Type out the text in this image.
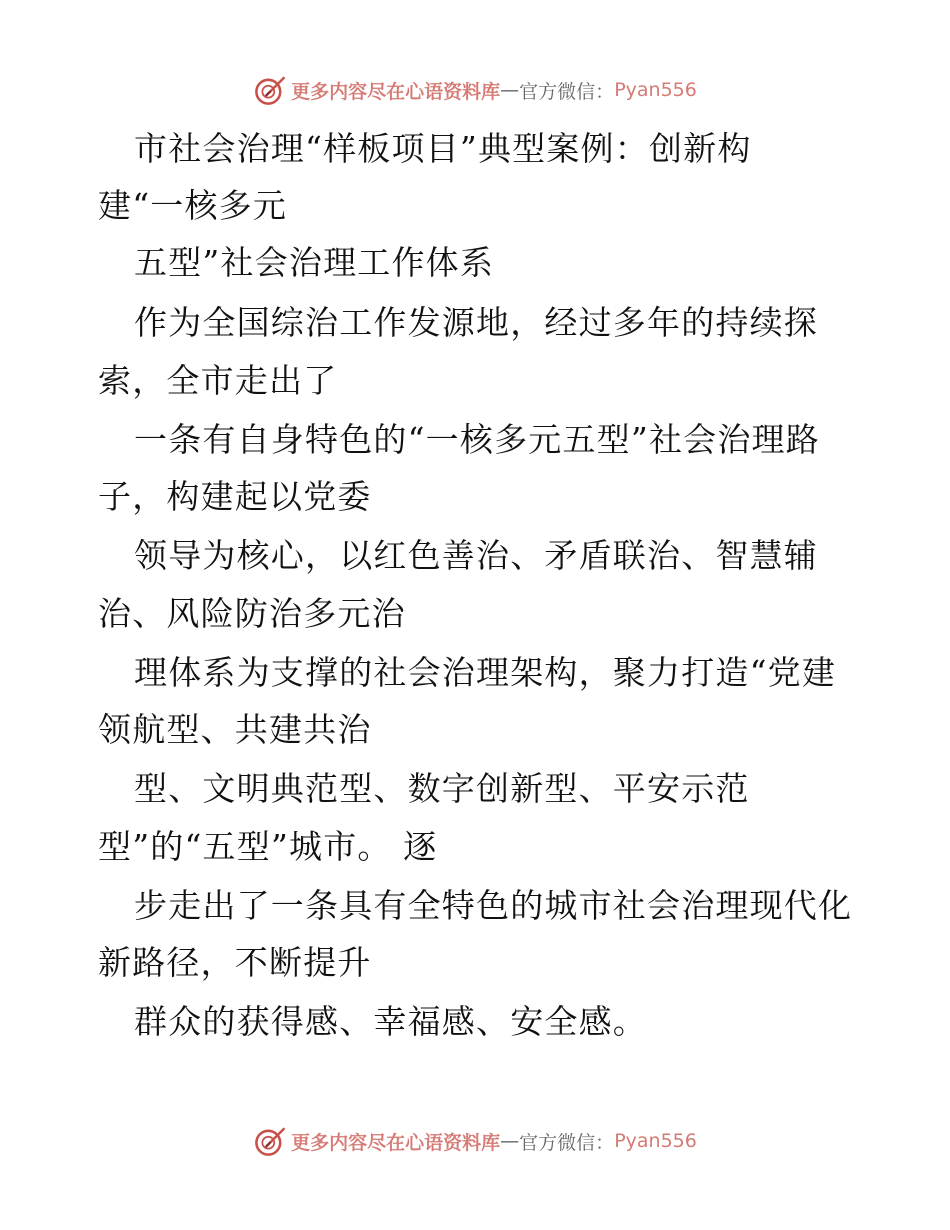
更多内容尽在心语资料库 — 官方微信： Pyan556
市社会治理“样板项目”典型案例：创新构
建“一核多元
五型”社会治理工作体系
作为全国综治工作发源地，经过多年的持续探
索，全市走出了
一条有自身特色的“一核多元五型”社会治理路
子，构建起以党委
领导为核心，以红色善治、矛盾联治、智慧辅
治、风险防治多元治
理体系为支撑的社会治理架构，聚力打造“党建
领航型、共建共治
型、文明典范型、数字创新型、平安示范
型”的“五型”城市。 逐
步走出了一条具有全特色的城市社会治理现代化
新路径，不断提升
群众的获得感、幸福感、安全感。
更多内容尽在心语资料库 — 官方微信： Pyan556
